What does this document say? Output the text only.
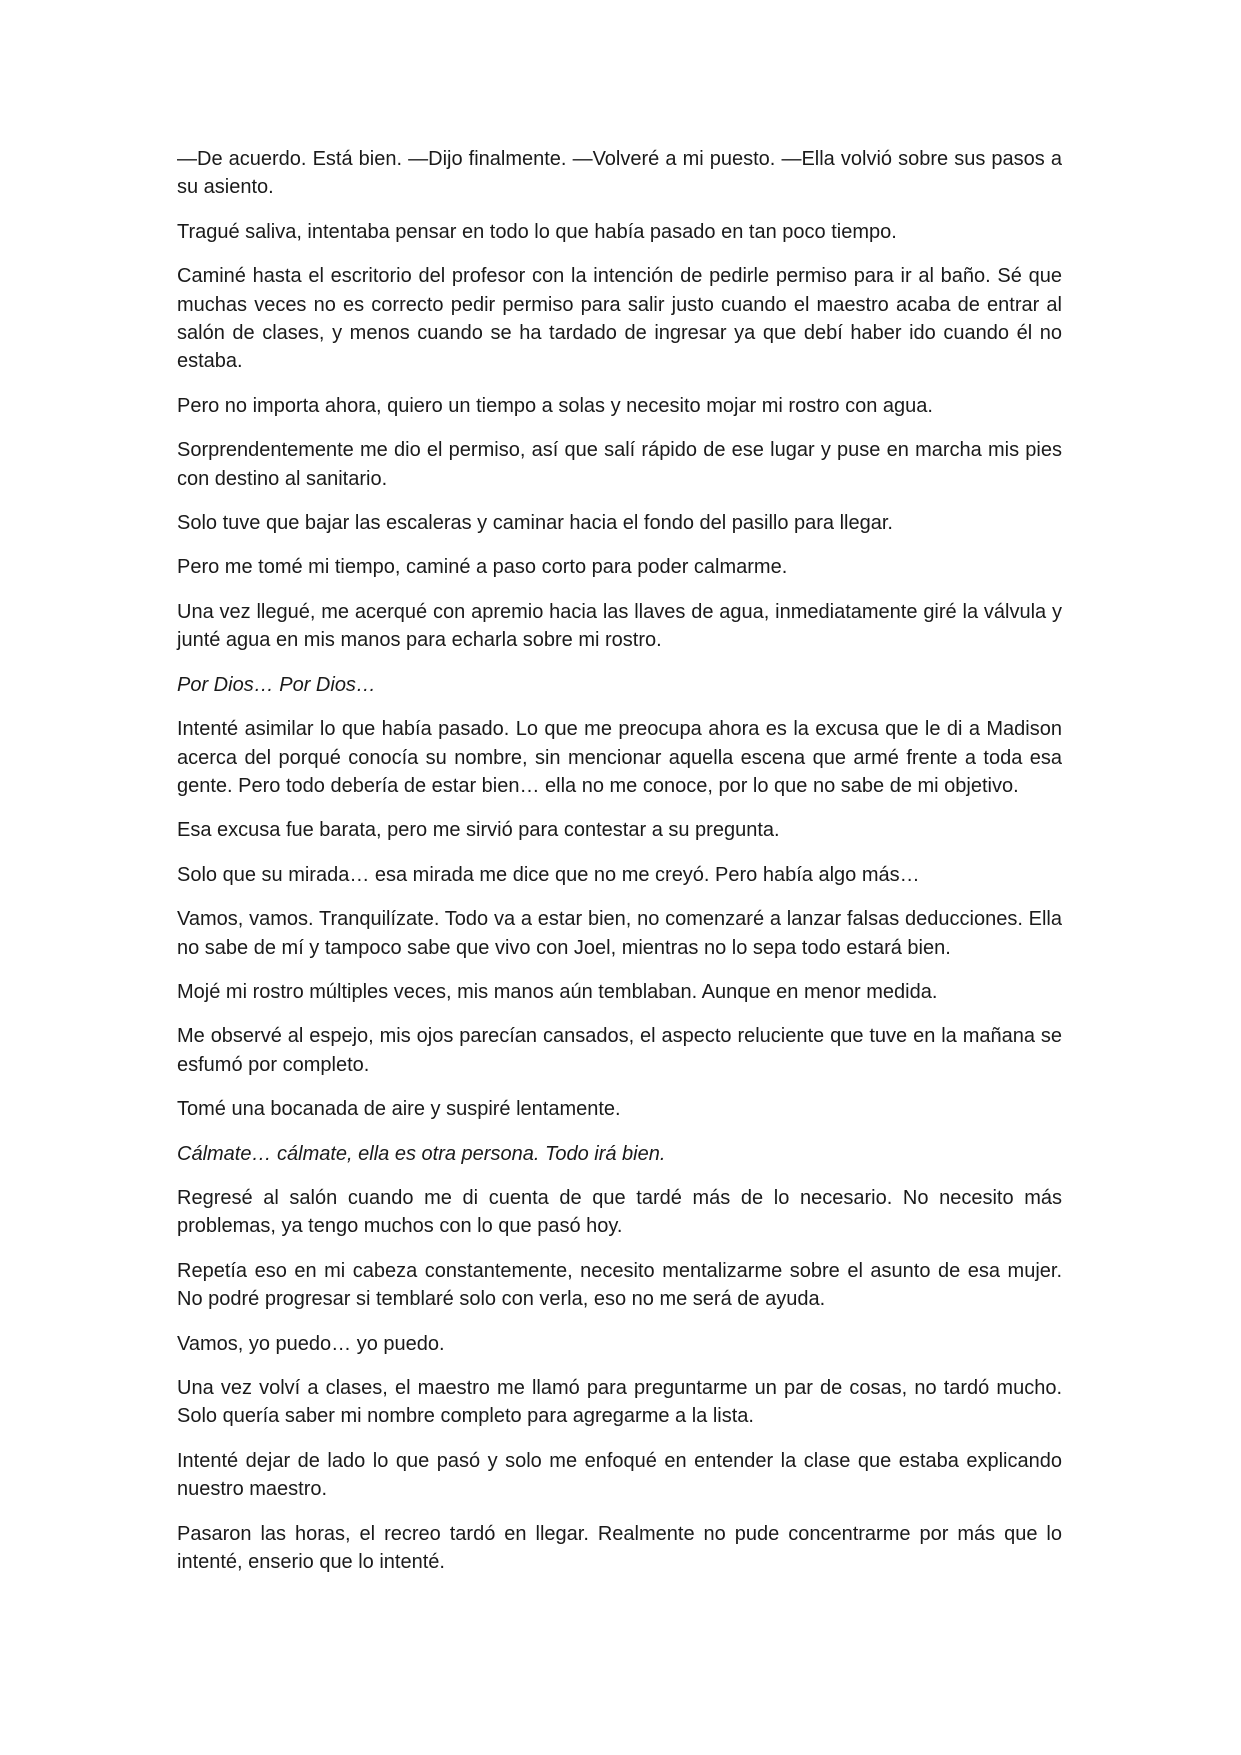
—De acuerdo. Está bien. —Dijo finalmente. —Volveré a mi puesto. —Ella volvió sobre sus pasos a su asiento.

Tragué saliva, intentaba pensar en todo lo que había pasado en tan poco tiempo.

Caminé hasta el escritorio del profesor con la intención de pedirle permiso para ir al baño. Sé que muchas veces no es correcto pedir permiso para salir justo cuando el maestro acaba de entrar al salón de clases, y menos cuando se ha tardado de ingresar ya que debí haber ido cuando él no estaba.

Pero no importa ahora, quiero un tiempo a solas y necesito mojar mi rostro con agua.

Sorprendentemente me dio el permiso, así que salí rápido de ese lugar y puse en marcha mis pies con destino al sanitario.

Solo tuve que bajar las escaleras y caminar hacia el fondo del pasillo para llegar.

Pero me tomé mi tiempo, caminé a paso corto para poder calmarme.

Una vez llegué, me acerqué con apremio hacia las llaves de agua, inmediatamente giré la válvula y junté agua en mis manos para echarla sobre mi rostro.

Por Dios… Por Dios…

Intenté asimilar lo que había pasado. Lo que me preocupa ahora es la excusa que le di a Madison acerca del porqué conocía su nombre, sin mencionar aquella escena que armé frente a toda esa gente. Pero todo debería de estar bien… ella no me conoce, por lo que no sabe de mi objetivo.

Esa excusa fue barata, pero me sirvió para contestar a su pregunta.

Solo que su mirada… esa mirada me dice que no me creyó. Pero había algo más…

Vamos, vamos. Tranquilízate. Todo va a estar bien, no comenzaré a lanzar falsas deducciones. Ella no sabe de mí y tampoco sabe que vivo con Joel, mientras no lo sepa todo estará bien.

Mojé mi rostro múltiples veces, mis manos aún temblaban. Aunque en menor medida.

Me observé al espejo, mis ojos parecían cansados, el aspecto reluciente que tuve en la mañana se esfumó por completo.

Tomé una bocanada de aire y suspiré lentamente.

Cálmate… cálmate, ella es otra persona. Todo irá bien.

Regresé al salón cuando me di cuenta de que tardé más de lo necesario. No necesito más problemas, ya tengo muchos con lo que pasó hoy.

Repetía eso en mi cabeza constantemente, necesito mentalizarme sobre el asunto de esa mujer. No podré progresar si temblaré solo con verla, eso no me será de ayuda.

Vamos, yo puedo… yo puedo.

Una vez volví a clases, el maestro me llamó para preguntarme un par de cosas, no tardó mucho. Solo quería saber mi nombre completo para agregarme a la lista.

Intenté dejar de lado lo que pasó y solo me enfoqué en entender la clase que estaba explicando nuestro maestro.

Pasaron las horas, el recreo tardó en llegar. Realmente no pude concentrarme por más que lo intenté, enserio que lo intenté.
